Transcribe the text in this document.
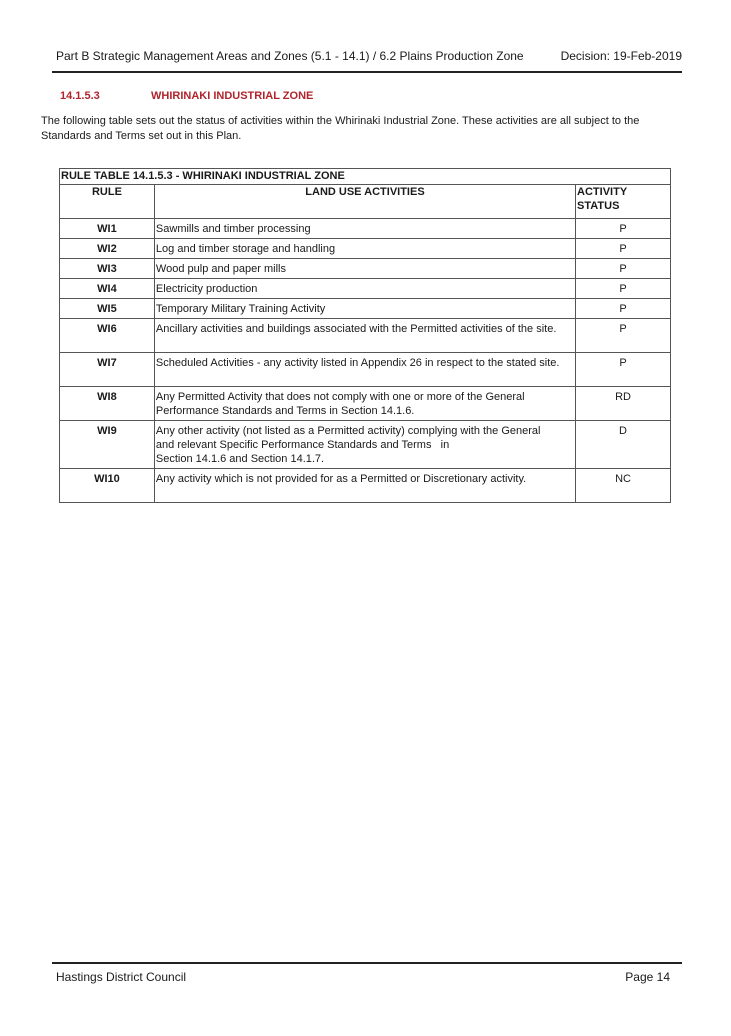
Part B Strategic Management Areas and Zones (5.1 - 14.1) / 6.2 Plains Production Zone	Decision: 19-Feb-2019
14.1.5.3	WHIRINAKI INDUSTRIAL ZONE
The following table sets out the status of activities within the Whirinaki Industrial Zone. These activities are all subject to the Standards and Terms set out in this Plan.
RULE TABLE 14.1.5.3 - WHIRINAKI INDUSTRIAL ZONE		
RULE	LAND USE ACTIVITIES	ACTIVITY
STATUS
WI1	Sawmills and timber processing	P
WI2	Log and timber storage and handling	P
WI3	Wood pulp and paper mills	P
WI4	Electricity production	P
WI5	Temporary Military Training Activity	P
WI6	Ancillary activities and buildings associated with the Permitted activities of the site.	P
WI7	Scheduled Activities - any activity listed in Appendix 26 in respect to the stated site.	P
WI8	Any Permitted Activity that does not comply with one or more of the General Performance Standards and Terms in Section 14.1.6.	RD
WI9	Any other activity (not listed as a Permitted activity) complying with the General
and relevant Specific Performance Standards and Terms   in
Section 14.1.6 and Section 14.1.7.	D
WI10	Any activity which is not provided for as a Permitted or Discretionary activity.	NC
Hastings District Council	Page 14
